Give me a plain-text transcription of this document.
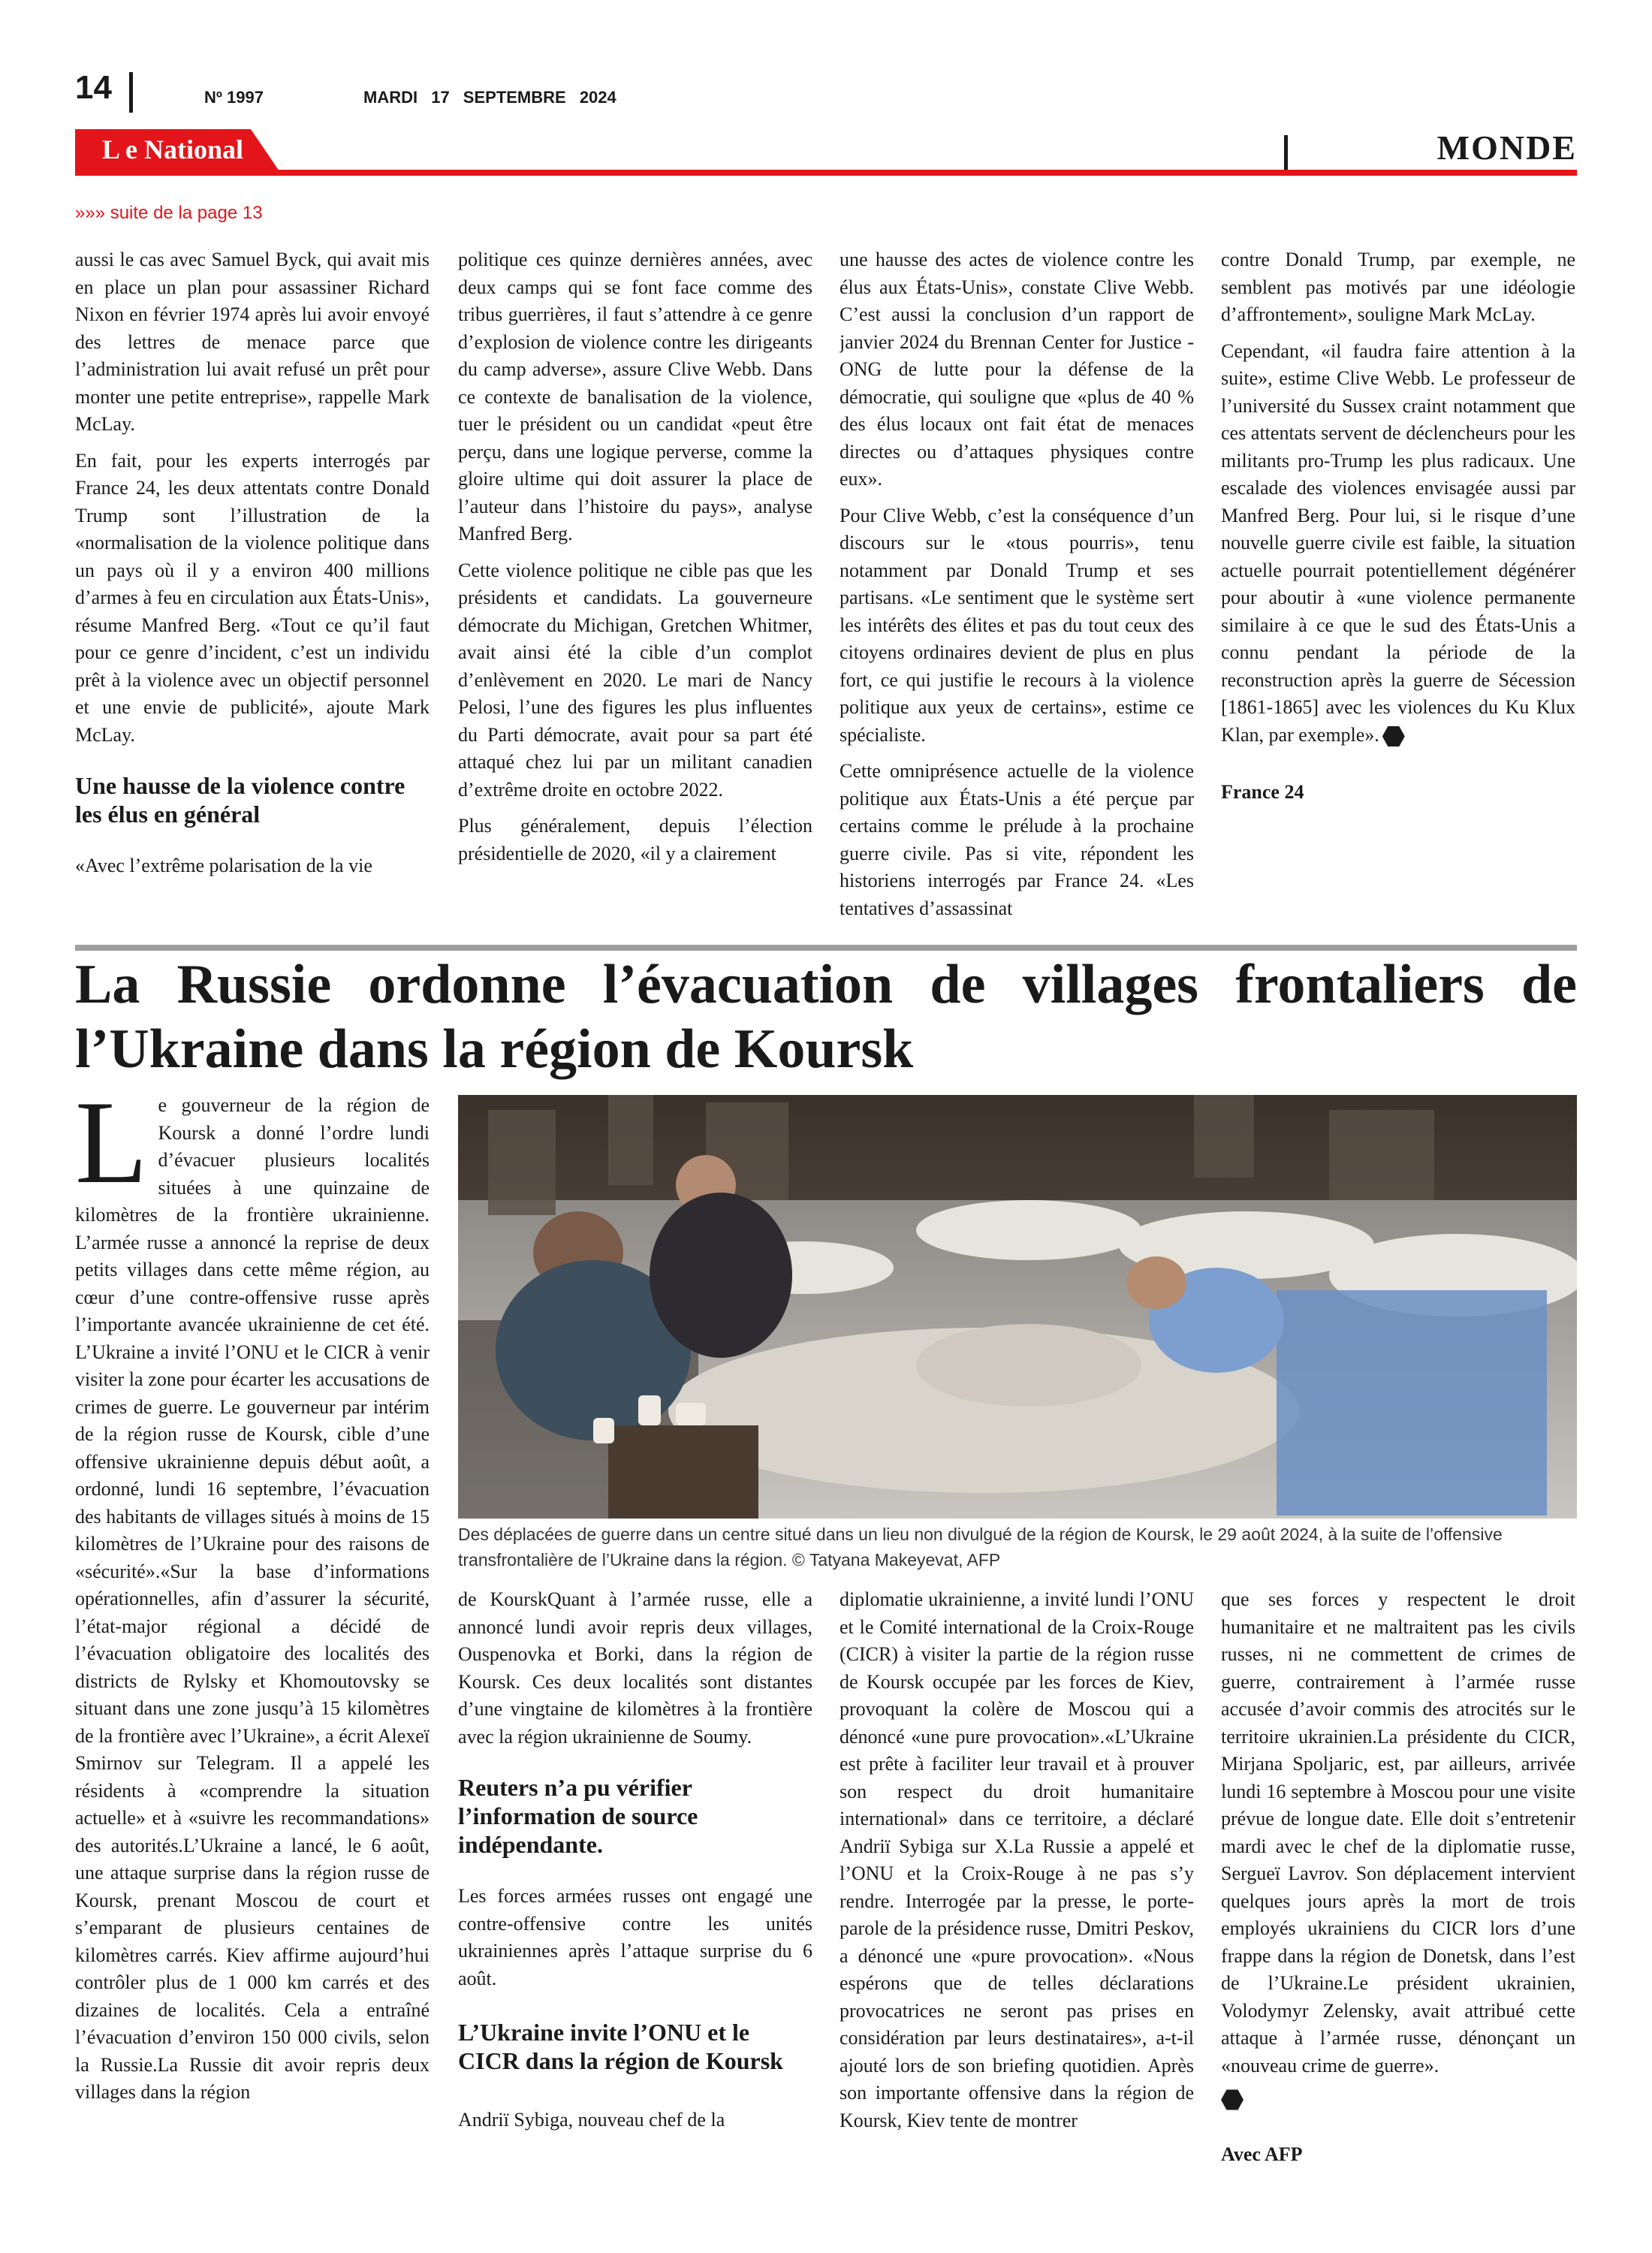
14	Nº 1997	MARDI 17 SEPTEMBRE 2024
L e National	MONDE
»»» suite de la page 13

aussi le cas avec Samuel Byck, qui avait mis en place un plan pour assassiner Richard Nixon en février 1974 après lui avoir envoyé des lettres de menace parce que l’administration lui avait refusé un prêt pour monter une petite entreprise», rappelle Mark McLay.

En fait, pour les experts interrogés par France 24, les deux attentats contre Donald Trump sont l’illustration de la «normalisation de la violence politique dans un pays où il y a environ 400 millions d’armes à feu en circulation aux États-Unis», résume Manfred Berg. «Tout ce qu’il faut pour ce genre d’incident, c’est un individu prêt à la violence avec un objectif personnel et une envie de publicité», ajoute Mark McLay.

Une hausse de la violence contre les élus en général

«Avec l’extrême polarisation de la vie

politique ces quinze dernières années, avec deux camps qui se font face comme des tribus guerrières, il faut s’attendre à ce genre d’explosion de violence contre les dirigeants du camp adverse», assure Clive Webb. Dans ce contexte de banalisation de la violence, tuer le président ou un candidat «peut être perçu, dans une logique perverse, comme la gloire ultime qui doit assurer la place de l’auteur dans l’histoire du pays», analyse Manfred Berg.

Cette violence politique ne cible pas que les présidents et candidats. La gouverneure démocrate du Michigan, Gretchen Whitmer, avait ainsi été la cible d’un complot d’enlèvement en 2020. Le mari de Nancy Pelosi, l’une des figures les plus influentes du Parti démocrate, avait pour sa part été attaqué chez lui par un militant canadien d’extrême droite en octobre 2022.

Plus généralement, depuis l’élection présidentielle de 2020, «il y a clairement

une hausse des actes de violence contre les élus aux États-Unis», constate Clive Webb. C’est aussi la conclusion d’un rapport de janvier 2024 du Brennan Center for Justice - ONG de lutte pour la défense de la démocratie, qui souligne que «plus de 40 % des élus locaux ont fait état de menaces directes ou d’attaques physiques contre eux».

Pour Clive Webb, c’est la conséquence d’un discours sur le «tous pourris», tenu notamment par Donald Trump et ses partisans. «Le sentiment que le système sert les intérêts des élites et pas du tout ceux des citoyens ordinaires devient de plus en plus fort, ce qui justifie le recours à la violence politique aux yeux de certains», estime ce spécialiste.

Cette omniprésence actuelle de la violence politique aux États-Unis a été perçue par certains comme le prélude à la prochaine guerre civile. Pas si vite, répondent les historiens interrogés par France 24. «Les tentatives d’assassinat

contre Donald Trump, par exemple, ne semblent pas motivés par une idéologie d’affrontement», souligne Mark McLay.

Cependant, «il faudra faire attention à la suite», estime Clive Webb. Le professeur de l’université du Sussex craint notamment que ces attentats servent de déclencheurs pour les militants pro-Trump les plus radicaux. Une escalade des violences envisagée aussi par Manfred Berg. Pour lui, si le risque d’une nouvelle guerre civile est faible, la situation actuelle pourrait potentiellement dégénérer pour aboutir à «une violence permanente similaire à ce que le sud des États-Unis a connu pendant la période de la reconstruction après la guerre de Sécession [1861-1865] avec les violences du Ku Klux Klan, par exemple».

France 24
La Russie ordonne l’évacuation de villages frontaliers de l’Ukraine dans la région de Koursk

Le gouverneur de la région de Koursk a donné l’ordre lundi d’évacuer plusieurs localités situées à une quinzaine de kilomètres de la frontière ukrainienne. L’armée russe a annoncé la reprise de deux petits villages dans cette même région, au cœur d’une contre-offensive russe après l’importante avancée ukrainienne de cet été. L’Ukraine a invité l’ONU et le CICR à venir visiter la zone pour écarter les accusations de crimes de guerre. Le gouverneur par intérim de la région russe de Koursk, cible d’une offensive ukrainienne depuis début août, a ordonné, lundi 16 septembre, l’évacuation des habitants de villages situés à moins de 15 kilomètres de l’Ukraine pour des raisons de «sécurité».«Sur la base d’informations opérationnelles, afin d’assurer la sécurité, l’état-major régional a décidé de l’évacuation obligatoire des localités des districts de Rylsky et Khomoutovsky se situant dans une zone jusqu’à 15 kilomètres de la frontière avec l’Ukraine», a écrit Alexeï Smirnov sur Telegram. Il a appelé les résidents à «comprendre la situation actuelle» et à «suivre les recommandations» des autorités.L’Ukraine a lancé, le 6 août, une attaque surprise dans la région russe de Koursk, prenant Moscou de court et s’emparant de plusieurs centaines de kilomètres carrés. Kiev affirme aujourd’hui contrôler plus de 1 000 km carrés et des dizaines de localités. Cela a entraîné l’évacuation d’environ 150 000 civils, selon la Russie.La Russie dit avoir repris deux villages dans la région

Des déplacées de guerre dans un centre situé dans un lieu non divulgué de la région de Koursk, le 29 août 2024, à la suite de l’offensive transfrontalière de l’Ukraine dans la région. © Tatyana Makeyevat, AFP

de KourskQuant à l’armée russe, elle a annoncé lundi avoir repris deux villages, Ouspenovka et Borki, dans la région de Koursk. Ces deux localités sont distantes d’une vingtaine de kilomètres à la frontière avec la région ukrainienne de Soumy.

Reuters n’a pu vérifier l’information de source indépendante.

Les forces armées russes ont engagé une contre-offensive contre les unités ukrainiennes après l’attaque surprise du 6 août.

L’Ukraine invite l’ONU et le CICR dans la région de Koursk

Andriï Sybiga, nouveau chef de la

diplomatie ukrainienne, a invité lundi l’ONU et le Comité international de la Croix-Rouge (CICR) à visiter la partie de la région russe de Koursk occupée par les forces de Kiev, provoquant la colère de Moscou qui a dénoncé «une pure provocation».«L’Ukraine est prête à faciliter leur travail et à prouver son respect du droit humanitaire international» dans ce territoire, a déclaré Andriï Sybiga sur X.La Russie a appelé et l’ONU et la Croix-Rouge à ne pas s’y rendre. Interrogée par la presse, le porte-parole de la présidence russe, Dmitri Peskov, a dénoncé une «pure provocation». «Nous espérons que de telles déclarations provocatrices ne seront pas prises en considération par leurs destinataires», a-t-il ajouté lors de son briefing quotidien. Après son importante offensive dans la région de Koursk, Kiev tente de montrer

que ses forces y respectent le droit humanitaire et ne maltraitent pas les civils russes, ni ne commettent de crimes de guerre, contrairement à l’armée russe accusée d’avoir commis des atrocités sur le territoire ukrainien.La présidente du CICR, Mirjana Spoljaric, est, par ailleurs, arrivée lundi 16 septembre à Moscou pour une visite prévue de longue date. Elle doit s’entretenir mardi avec le chef de la diplomatie russe, Sergueï Lavrov. Son déplacement intervient quelques jours après la mort de trois employés ukrainiens du CICR lors d’une frappe dans la région de Donetsk, dans l’est de l’Ukraine.Le président ukrainien, Volodymyr Zelensky, avait attribué cette attaque à l’armée russe, dénonçant un «nouveau crime de guerre».

Avec AFP
